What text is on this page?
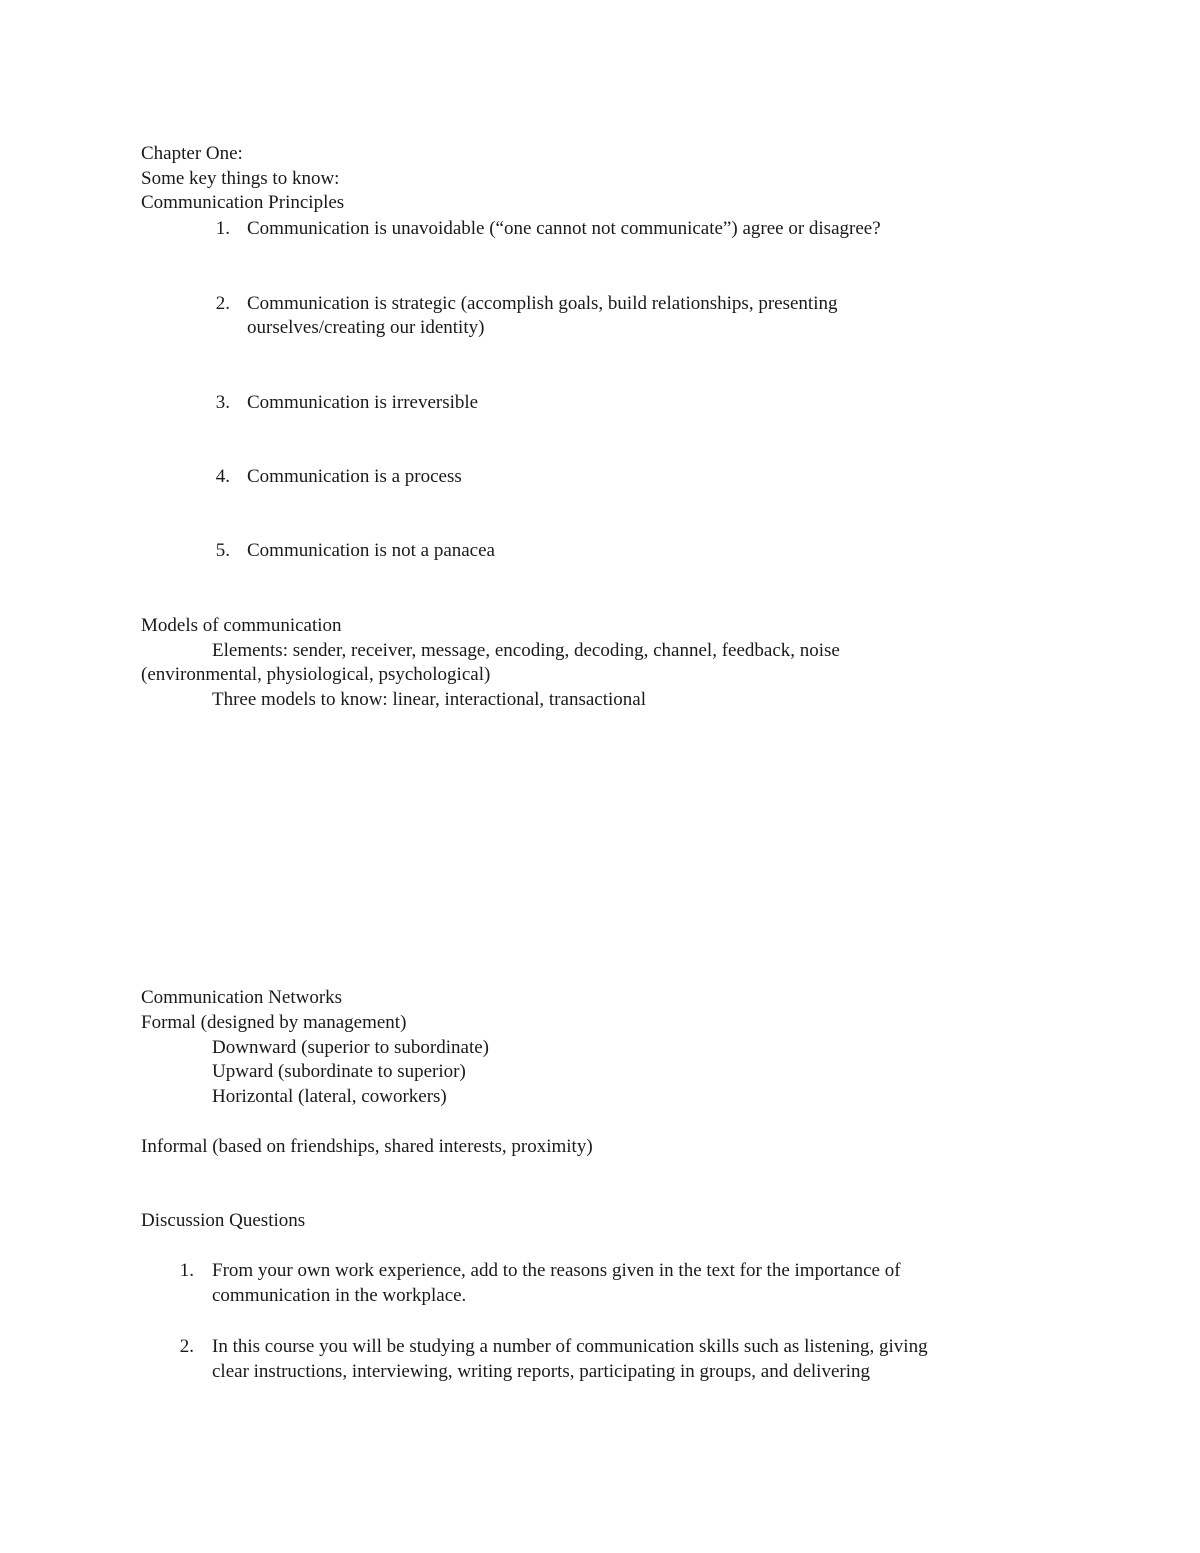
Chapter One:
Some key things to know:
Communication Principles
1. Communication is unavoidable (“one cannot not communicate”) agree or disagree?
2. Communication is strategic (accomplish goals, build relationships, presenting
ourselves/creating our identity)
3. Communication is irreversible
4. Communication is a process
5. Communication is not a panacea
Models of communication
Elements: sender, receiver, message, encoding, decoding, channel, feedback, noise
(environmental, physiological, psychological)
Three models to know: linear, interactional, transactional
Communication Networks
Formal (designed by management)
Downward (superior to subordinate)
Upward (subordinate to superior)
Horizontal (lateral, coworkers)
Informal (based on friendships, shared interests, proximity)
Discussion Questions
1. From your own work experience, add to the reasons given in the text for the importance of
communication in the workplace.
2. In this course you will be studying a number of communication skills such as listening, giving
clear instructions, interviewing, writing reports, participating in groups, and delivering
